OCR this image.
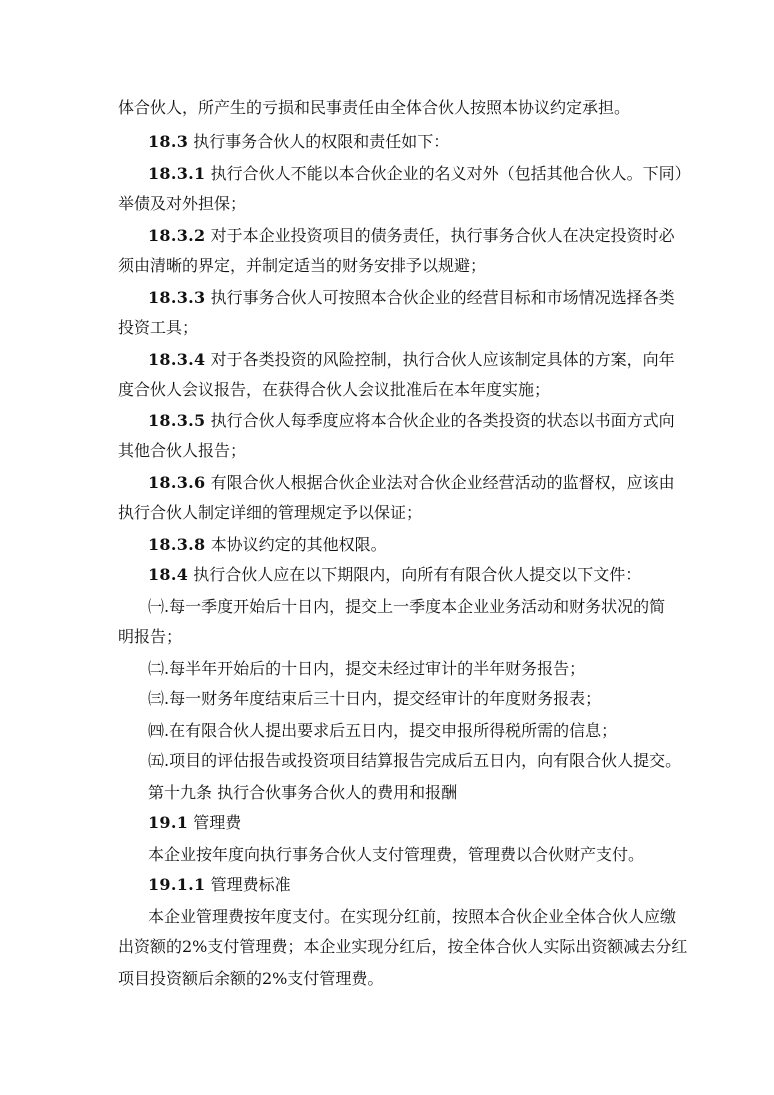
体合伙人，所产生的亏损和民事责任由全体合伙人按照本协议约定承担。
18.3 执行事务合伙人的权限和责任如下：
18.3.1 执行合伙人不能以本合伙企业的名义对外（包括其他合伙人。下同）
举债及对外担保；
18.3.2 对于本企业投资项目的债务责任，执行事务合伙人在决定投资时必
须由清晰的界定，并制定适当的财务安排予以规避；
18.3.3 执行事务合伙人可按照本合伙企业的经营目标和市场情况选择各类
投资工具；
18.3.4 对于各类投资的风险控制，执行合伙人应该制定具体的方案，向年
度合伙人会议报告，在获得合伙人会议批准后在本年度实施；
18.3.5 执行合伙人每季度应将本合伙企业的各类投资的状态以书面方式向
其他合伙人报告；
18.3.6 有限合伙人根据合伙企业法对合伙企业经营活动的监督权，应该由
执行合伙人制定详细的管理规定予以保证；
18.3.8 本协议约定的其他权限。
18.4 执行合伙人应在以下期限内，向所有有限合伙人提交以下文件：
㈠.每一季度开始后十日内，提交上一季度本企业业务活动和财务状况的简
明报告；
㈡.每半年开始后的十日内，提交未经过审计的半年财务报告；
㈢.每一财务年度结束后三十日内，提交经审计的年度财务报表；
㈣.在有限合伙人提出要求后五日内，提交申报所得税所需的信息；
㈤.项目的评估报告或投资项目结算报告完成后五日内，向有限合伙人提交。
第十九条 执行合伙事务合伙人的费用和报酬
19.1 管理费
本企业按年度向执行事务合伙人支付管理费，管理费以合伙财产支付。
19.1.1 管理费标准
本企业管理费按年度支付。在实现分红前，按照本合伙企业全体合伙人应缴
出资额的2%支付管理费；本企业实现分红后，按全体合伙人实际出资额减去分红
项目投资额后余额的2%支付管理费。
